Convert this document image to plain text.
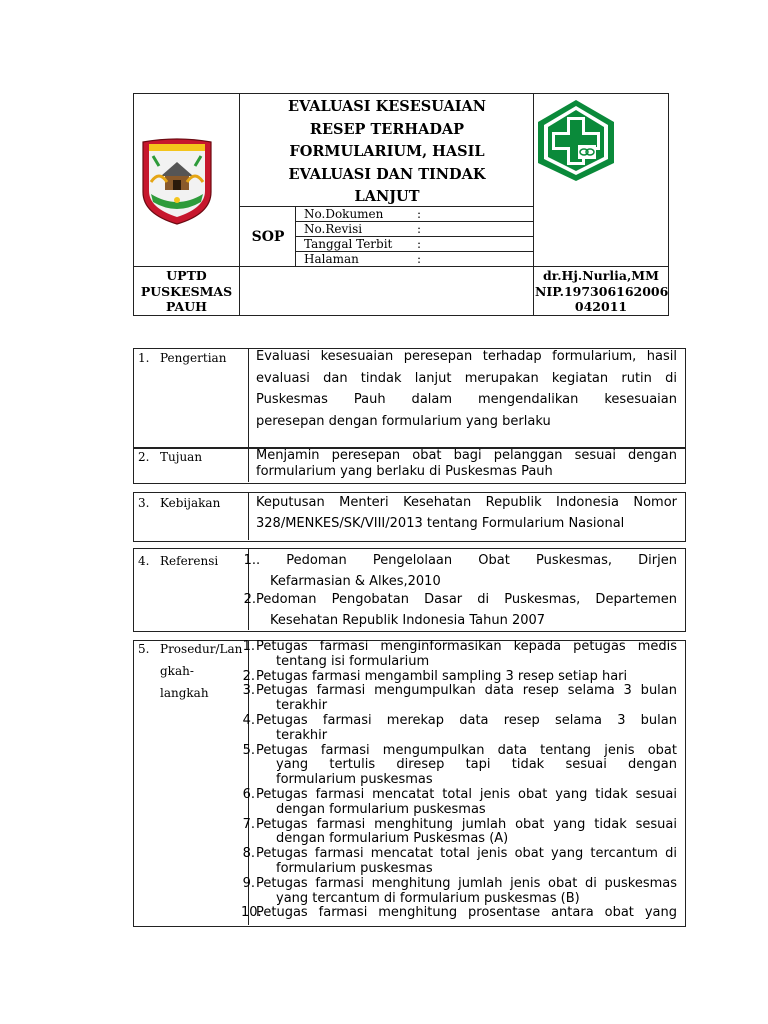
EVALUASI KESESUAIAN
RESEP TERHADAP
FORMULARIUM, HASIL
EVALUASI DAN TINDAK
LANJUT
SOP
No.Dokumen	:
No.Revisi	:
Tanggal Terbit :
Halaman	:
UPTD
PUSKESMAS
PAUH
dr.Hj.Nurlia,MM
NIP.197306162006
042011
1. Pengertian Evaluasi kesesuaian peresepan terhadap formularium, hasil

evaluasi dan tindak lanjut merupakan kegiatan rutin di

Puskesmas Pauh dalam mengendalikan kesesuaian

peresepan dengan formularium yang berlaku

2. Tujuan	Menjamin peresepan obat bagi pelanggan sesuai dengan

formularium yang berlaku di Puskesmas Pauh

3. Kebijakan	Keputusan Menteri Kesehatan Republik Indonesia Nomor

328/MENKES/SK/VIII/2013 tentang Formularium Nasional

4. Referensi 1. . Pedoman Pengelolaan Obat Puskesmas, Dirjen
Kefarmasian & Alkes,2010
2. Pedoman Pengobatan Dasar di Puskesmas, Departemen
Kesehatan Republik Indonesia Tahun 2007
5. Prosedur/Lan
gkah-
langkah
1. Petugas farmasi menginformasikan kepada petugas medis
tentang isi formularium
2. Petugas farmasi mengambil sampling 3 resep setiap hari
3. Petugas farmasi mengumpulkan data resep selama 3 bulan
terakhir
4. Petugas farmasi merekap data resep selama 3 bulan
terakhir
5. Petugas farmasi mengumpulkan data tentang jenis obat
yang tertulis diresep tapi tidak sesuai dengan
formularium puskesmas
6. Petugas farmasi mencatat total jenis obat yang tidak sesuai
dengan formularium puskesmas
7. Petugas farmasi menghitung jumlah obat yang tidak sesuai
dengan formularium Puskesmas (A)
8. Petugas farmasi mencatat total jenis obat yang tercantum di
formularium puskesmas
9. Petugas farmasi menghitung jumlah jenis obat di puskesmas
yang tercantum di formularium puskesmas (B)
10.
Petugas farmasi menghitung prosentase antara obat yang
